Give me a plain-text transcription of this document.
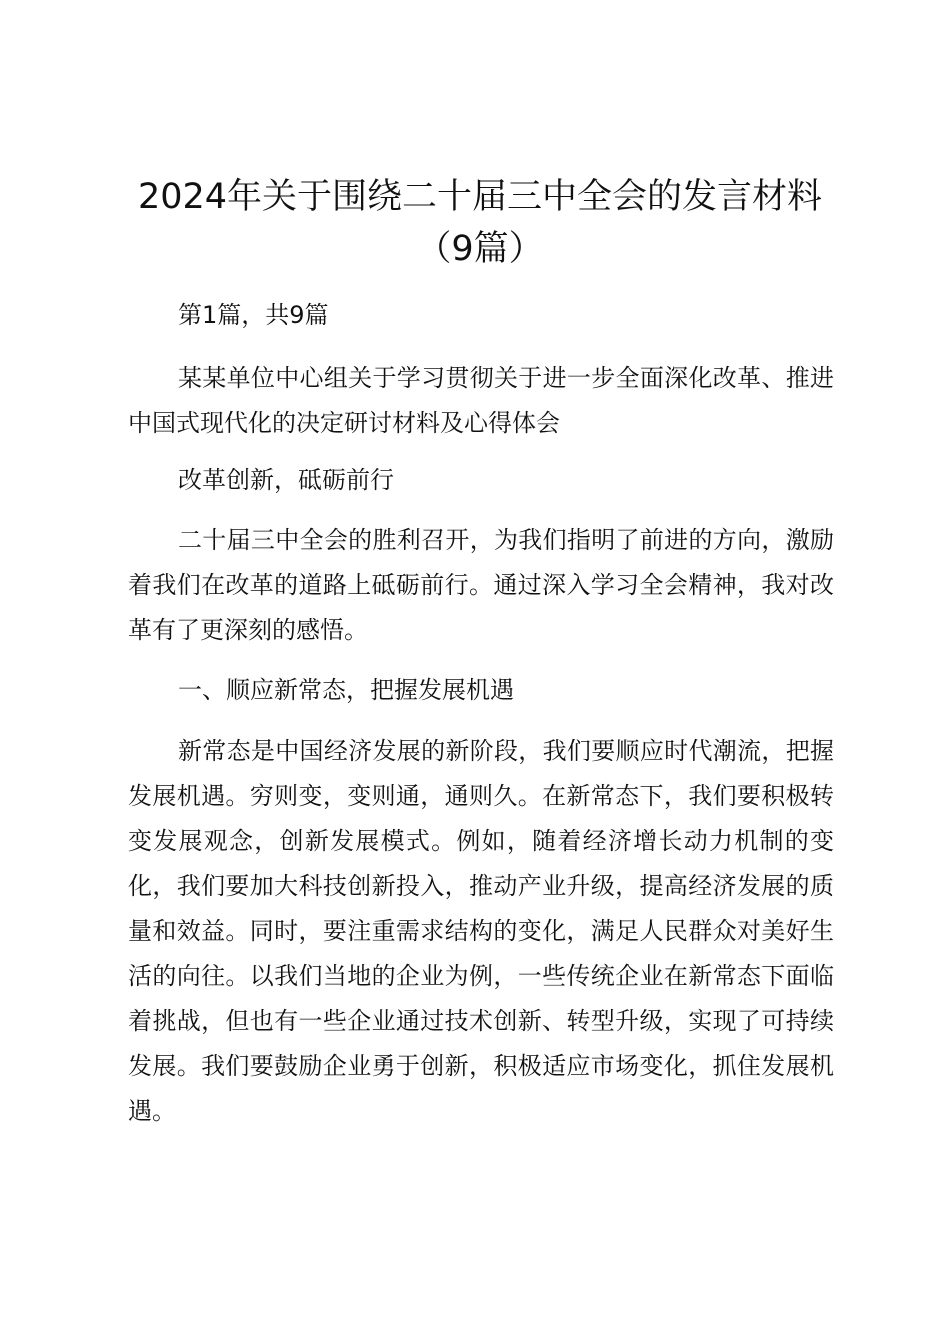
2024年关于围绕二十届三中全会的发言材料
（9篇）

第1篇，共9篇

某某单位中心组关于学习贯彻关于进一步全面深化改革、推进中国式现代化的决定研讨材料及心得体会

改革创新，砥砺前行

二十届三中全会的胜利召开，为我们指明了前进的方向，激励着我们在改革的道路上砥砺前行。通过深入学习全会精神，我对改革有了更深刻的感悟。

一、顺应新常态，把握发展机遇

新常态是中国经济发展的新阶段，我们要顺应时代潮流，把握发展机遇。穷则变，变则通，通则久。在新常态下，我们要积极转变发展观念，创新发展模式。例如，随着经济增长动力机制的变化，我们要加大科技创新投入，推动产业升级，提高经济发展的质量和效益。同时，要注重需求结构的变化，满足人民群众对美好生活的向往。以我们当地的企业为例，一些传统企业在新常态下面临着挑战，但也有一些企业通过技术创新、转型升级，实现了可持续发展。我们要鼓励企业勇于创新，积极适应市场变化，抓住发展机遇。
